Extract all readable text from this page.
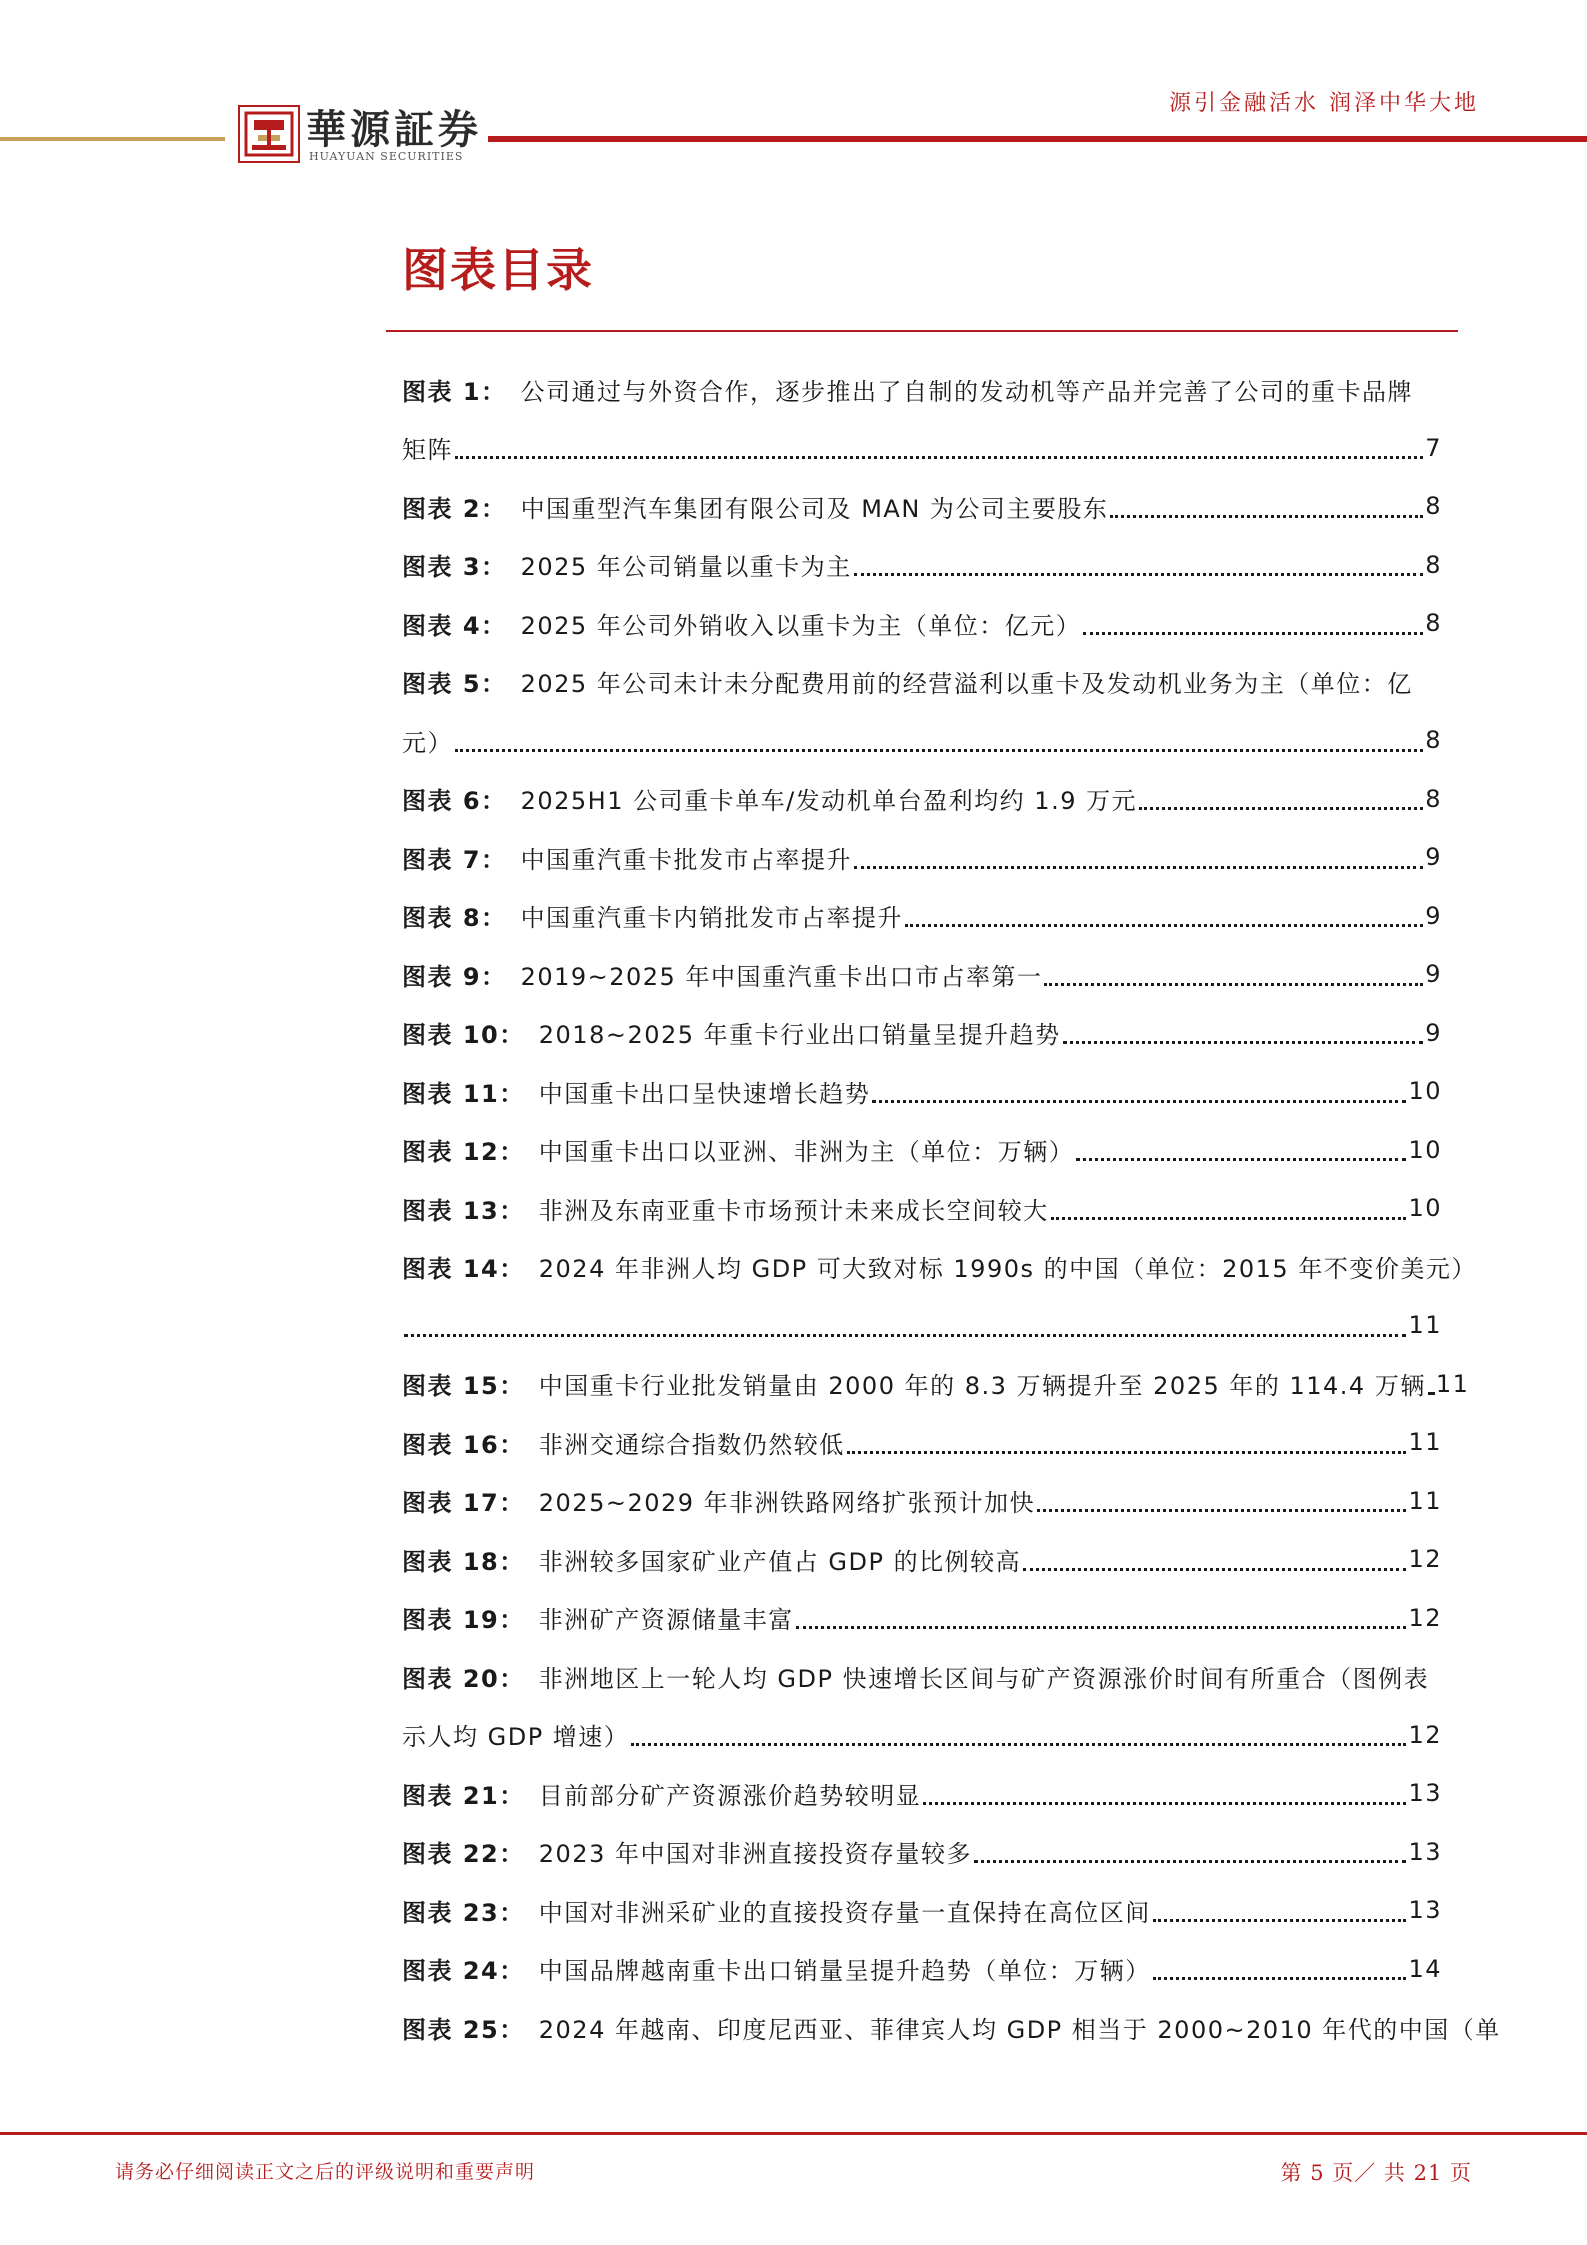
華源証券
HUAYUAN SECURITIES
源引金融活水 润泽中华大地
图表目录
图表 1： 公司通过与外资合作，逐步推出了自制的发动机等产品并完善了公司的重卡品牌
矩阵	7
图表 2： 中国重型汽车集团有限公司及 MAN 为公司主要股东	8
图表 3： 2025 年公司销量以重卡为主	8
图表 4： 2025 年公司外销收入以重卡为主（单位：亿元）	8
图表 5： 2025 年公司未计未分配费用前的经营溢利以重卡及发动机业务为主（单位：亿
元）	8
图表 6： 2025H1 公司重卡单车/发动机单台盈利均约 1.9 万元	8
图表 7： 中国重汽重卡批发市占率提升	9
图表 8： 中国重汽重卡内销批发市占率提升	9
图表 9： 2019~2025 年中国重汽重卡出口市占率第一	9
图表 10： 2018~2025 年重卡行业出口销量呈提升趋势	9
图表 11： 中国重卡出口呈快速增长趋势	10
图表 12： 中国重卡出口以亚洲、非洲为主（单位：万辆）	10
图表 13： 非洲及东南亚重卡市场预计未来成长空间较大	10
图表 14： 2024 年非洲人均 GDP 可大致对标 1990s 的中国（单位：2015 年不变价美元）
11
图表 15： 中国重卡行业批发销量由 2000 年的 8.3 万辆提升至 2025 年的 114.4 万辆 11
图表 16： 非洲交通综合指数仍然较低	11
图表 17： 2025~2029 年非洲铁路网络扩张预计加快	11
图表 18： 非洲较多国家矿业产值占 GDP 的比例较高	12
图表 19： 非洲矿产资源储量丰富	12
图表 20： 非洲地区上一轮人均 GDP 快速增长区间与矿产资源涨价时间有所重合（图例表
示人均 GDP 增速）	12
图表 21： 目前部分矿产资源涨价趋势较明显	13
图表 22： 2023 年中国对非洲直接投资存量较多	13
图表 23： 中国对非洲采矿业的直接投资存量一直保持在高位区间	13
图表 24： 中国品牌越南重卡出口销量呈提升趋势（单位：万辆）	14
图表 25： 2024 年越南、印度尼西亚、菲律宾人均 GDP 相当于 2000~2010 年代的中国（单
请务必仔细阅读正文之后的评级说明和重要声明	第 5 页／ 共 21 页
